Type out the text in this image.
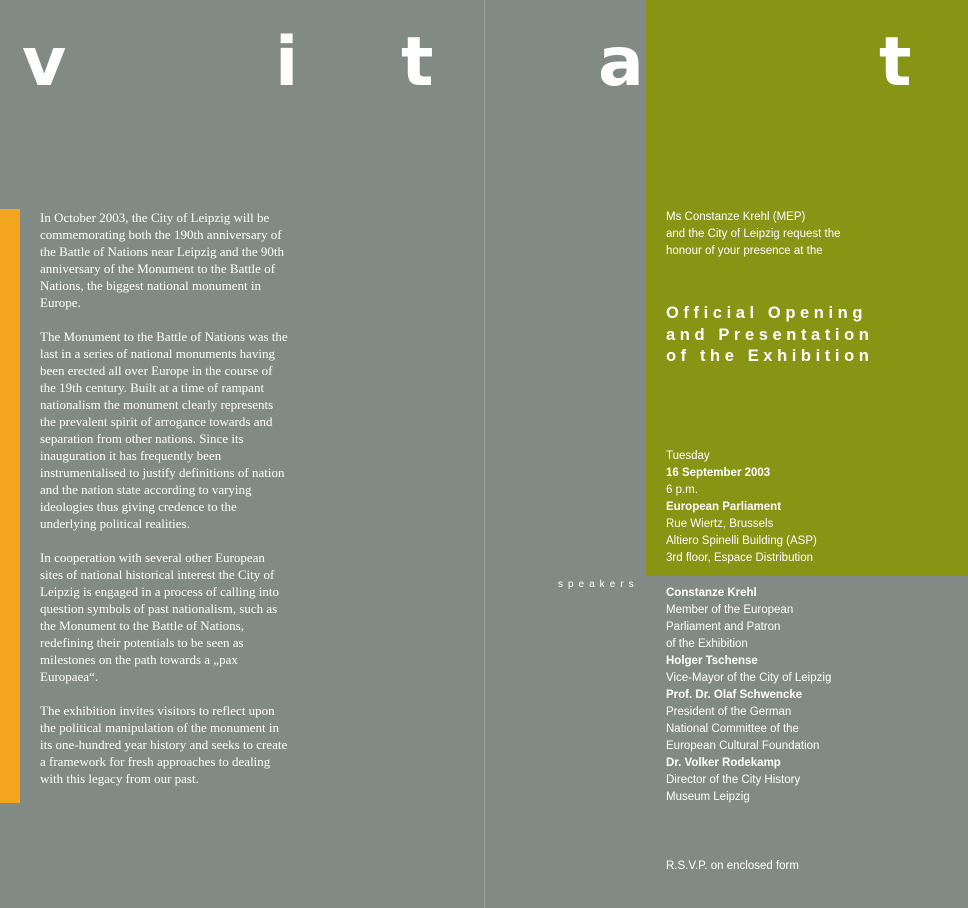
v	i t a	t

In October 2003, the City of Leipzig will be commemorating both the 190th anniversary of the Battle of Nations near Leipzig and the 90th anniversary of the Monument to the Battle of Nations, the biggest national monument in Europe.

The Monument to the Battle of Nations was the last in a series of national monuments having been erected all over Europe in the course of the 19th century. Built at a time of rampant nationalism the monument clearly represents the prevalent spirit of arrogance towards and separation from other nations. Since its inauguration it has frequently been instrumentalised to justify definitions of nation and the nation state according to varying ideologies thus giving credence to the underlying political realities.

In cooperation with several other European sites of national historical interest the City of Leipzig is engaged in a process of calling into question symbols of past nationalism, such as the Monument to the Battle of Nations, redefining their potentials to be seen as milestones on the path towards a „pax Europaea“.

The exhibition invites visitors to reflect upon the political manipulation of the monument in its one-hundred year history and seeks to create a framework for fresh approaches to dealing with this legacy from our past.

Ms Constanze Krehl (MEP)
and the City of Leipzig request the
honour of your presence at the
Official Opening
and Presentation
of the Exhibition
Tuesday
16 September 2003
6 p.m.
European Parliament
Rue Wiertz, Brussels
Altiero Spinelli Building (ASP)
3rd floor, Espace Distribution
speakers
Constanze Krehl
Member of the European
Parliament and Patron
of the Exhibition
Holger Tschense
Vice-Mayor of the City of Leipzig
Prof. Dr. Olaf Schwencke
President of the German
National Committee of the
European Cultural Foundation
Dr. Volker Rodekamp
Director of the City History
Museum Leipzig
R.S.V.P. on enclosed form
